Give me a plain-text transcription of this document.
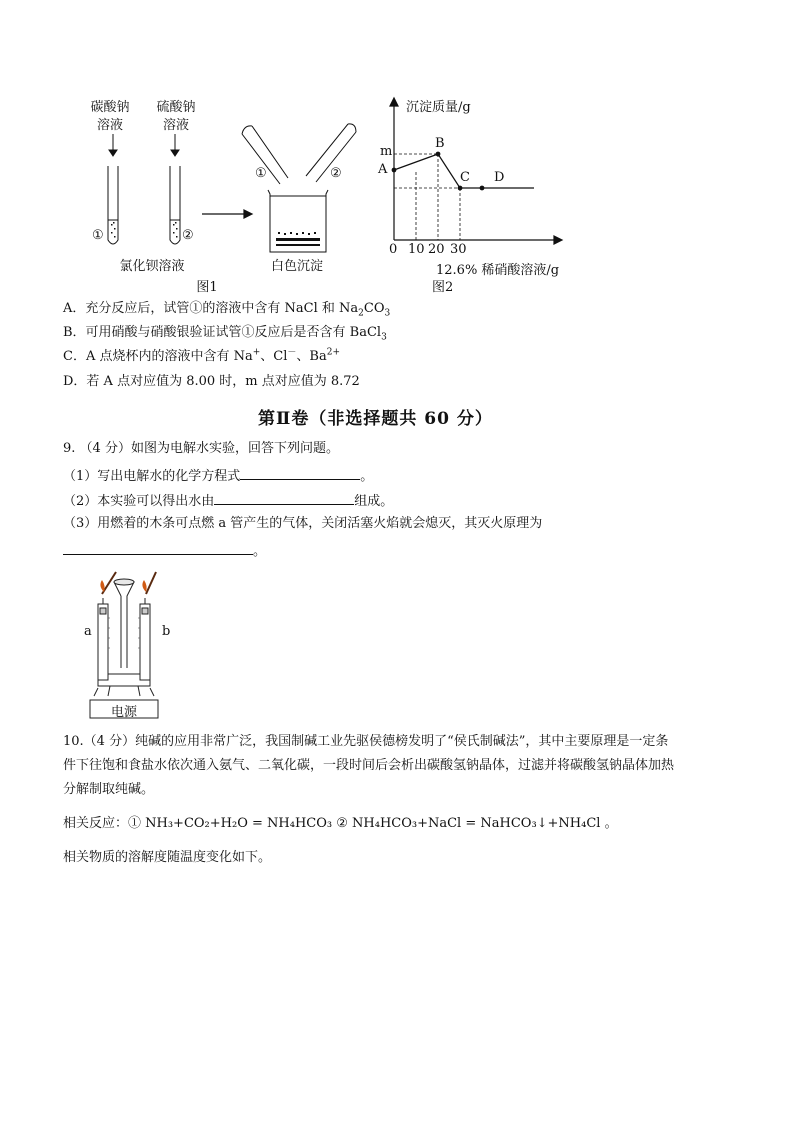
碳酸钠
溶液
硫酸钠
溶液
①	②
氯化钡溶液
①	②
白色沉淀
图1
沉淀质量/g
m
A
B
C D
0 10 20 30
12.6% 稀硝酸溶液/g
图2
A．充分反应后，试管①的溶液中含有 NaCl 和 $Na_2CO_3$
B．可用硝酸与硝酸银验证试管①反应后是否含有 BaCl$_3$
C．A 点烧杯内的溶液中含有 Na+、Cl－、$Ba^{2+}$
D．若 A 点对应值为 8.00 时，m 点对应值为 8.72
第Ⅱ卷（非选择题共 60 分）
9. （4 分）如图为电解水实验，回答下列问题。
（1）写出电解水的化学方程式	。
（2）本实验可以得出水由	组成。
（3）用燃着的木条可点燃 a 管产生的气体，关闭活塞火焰就会熄灭，其灭火原理为
。
a	b
电源
10.（4 分）纯碱的应用非常广泛，我国制碱工业先驱侯德榜发明了“侯氏制碱法”，其中主要原理是一定条
件下往饱和食盐水依次通入氨气、二氧化碳，一段时间后会析出碳酸氢钠晶体，过滤并将碳酸氢钠晶体加热
分解制取纯碱。
相关反应：① NH₃+CO₂+H₂O = NH₄HCO₃ ② NH₄HCO₃+NaCl = NaHCO₃↓+NH₄Cl 。
相关物质的溶解度随温度变化如下。
